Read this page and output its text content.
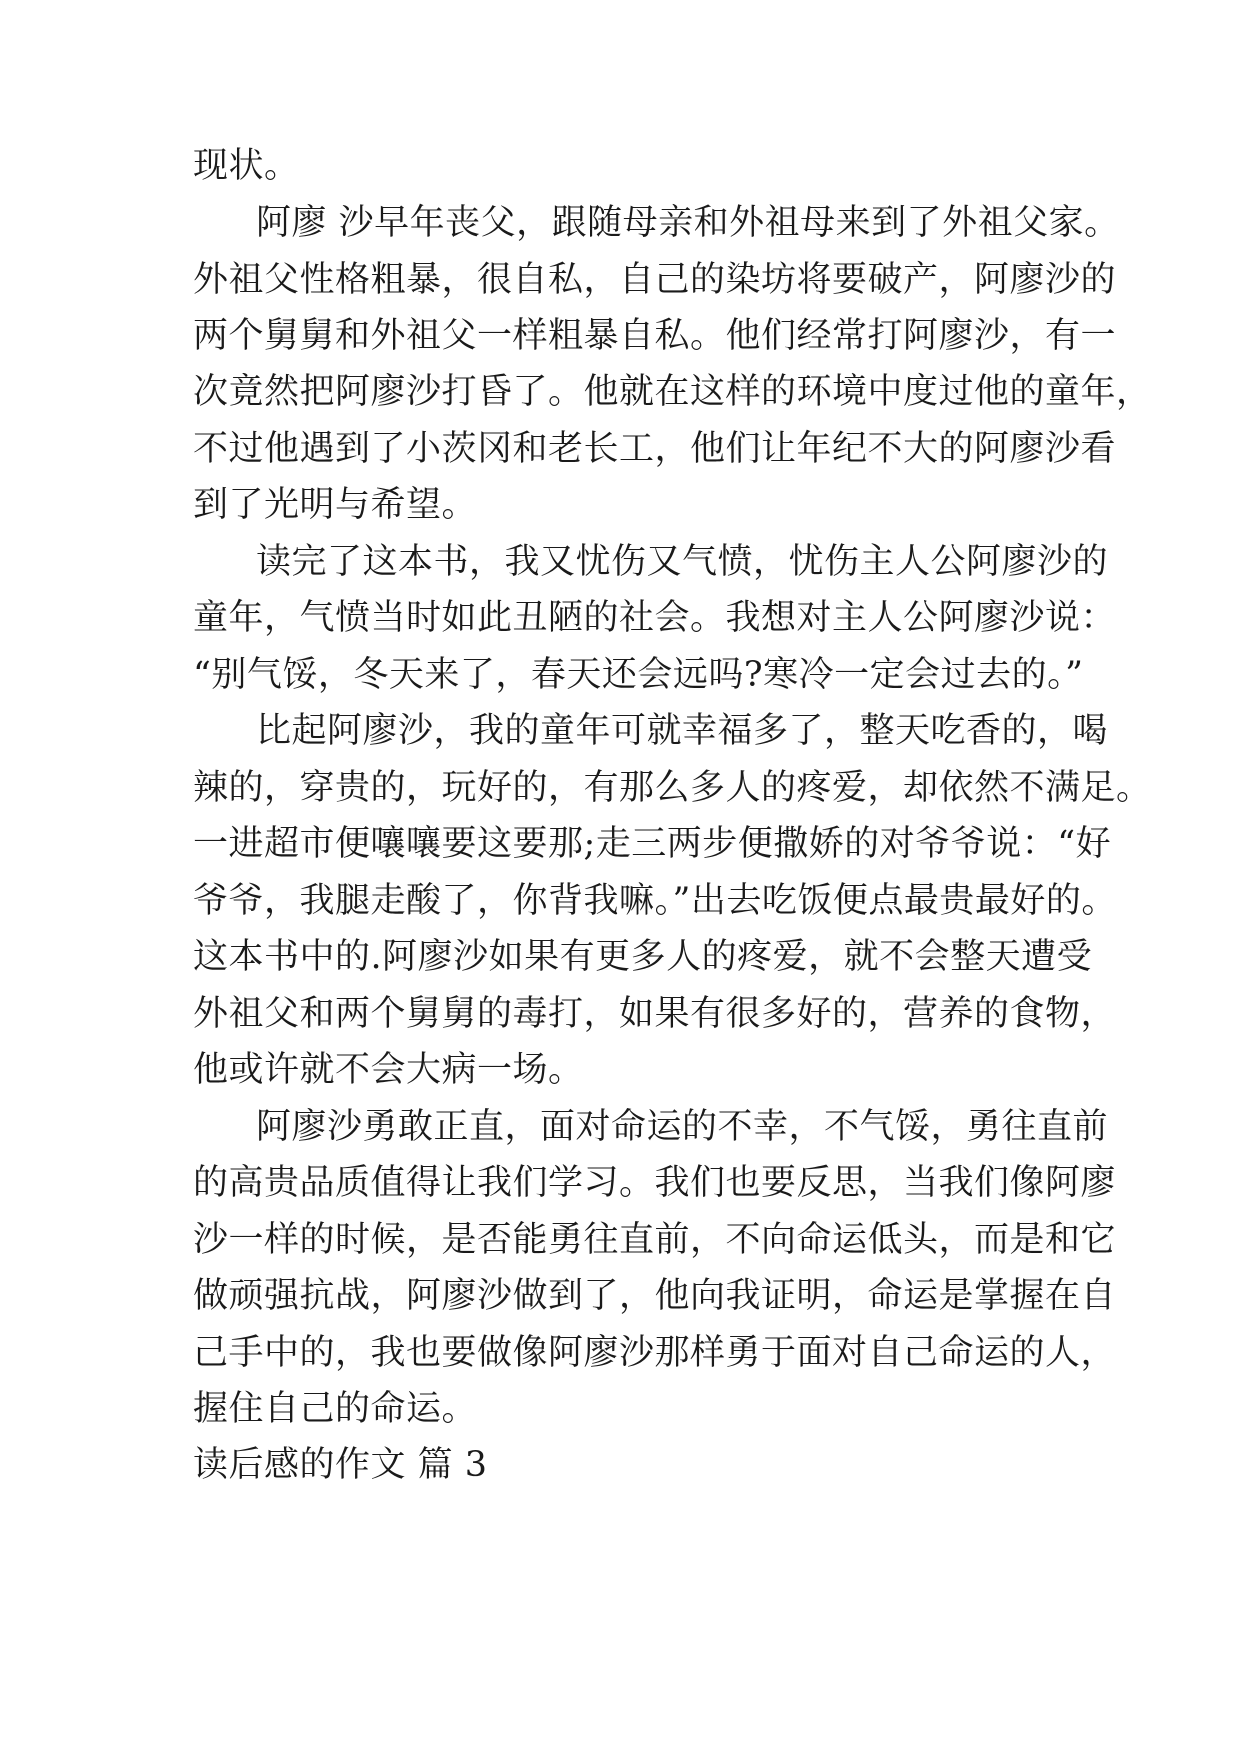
现状。
阿廖 沙早年丧父，跟随母亲和外祖母来到了外祖父家。
外祖父性格粗暴，很自私，自己的染坊将要破产，阿廖沙的
两个舅舅和外祖父一样粗暴自私。他们经常打阿廖沙，有一
次竟然把阿廖沙打昏了。他就在这样的环境中度过他的童年，
不过他遇到了小茨冈和老长工，他们让年纪不大的阿廖沙看
到了光明与希望。
读完了这本书，我又忧伤又气愤，忧伤主人公阿廖沙的
童年，气愤当时如此丑陋的社会。我想对主人公阿廖沙说：
“别气馁，冬天来了，春天还会远吗?寒冷一定会过去的。”
比起阿廖沙，我的童年可就幸福多了，整天吃香的，喝
辣的，穿贵的，玩好的，有那么多人的疼爱，却依然不满足。
一进超市便嚷嚷要这要那;走三两步便撒娇的对爷爷说：“好
爷爷，我腿走酸了，你背我嘛。”出去吃饭便点最贵最好的。
这本书中的.阿廖沙如果有更多人的疼爱，就不会整天遭受
外祖父和两个舅舅的毒打，如果有很多好的，营养的食物，
他或许就不会大病一场。
阿廖沙勇敢正直，面对命运的不幸，不气馁，勇往直前
的高贵品质值得让我们学习。我们也要反思，当我们像阿廖
沙一样的时候，是否能勇往直前，不向命运低头，而是和它
做顽强抗战，阿廖沙做到了，他向我证明，命运是掌握在自
己手中的，我也要做像阿廖沙那样勇于面对自己命运的人，
握住自己的命运。
读后感的作文 篇 3
